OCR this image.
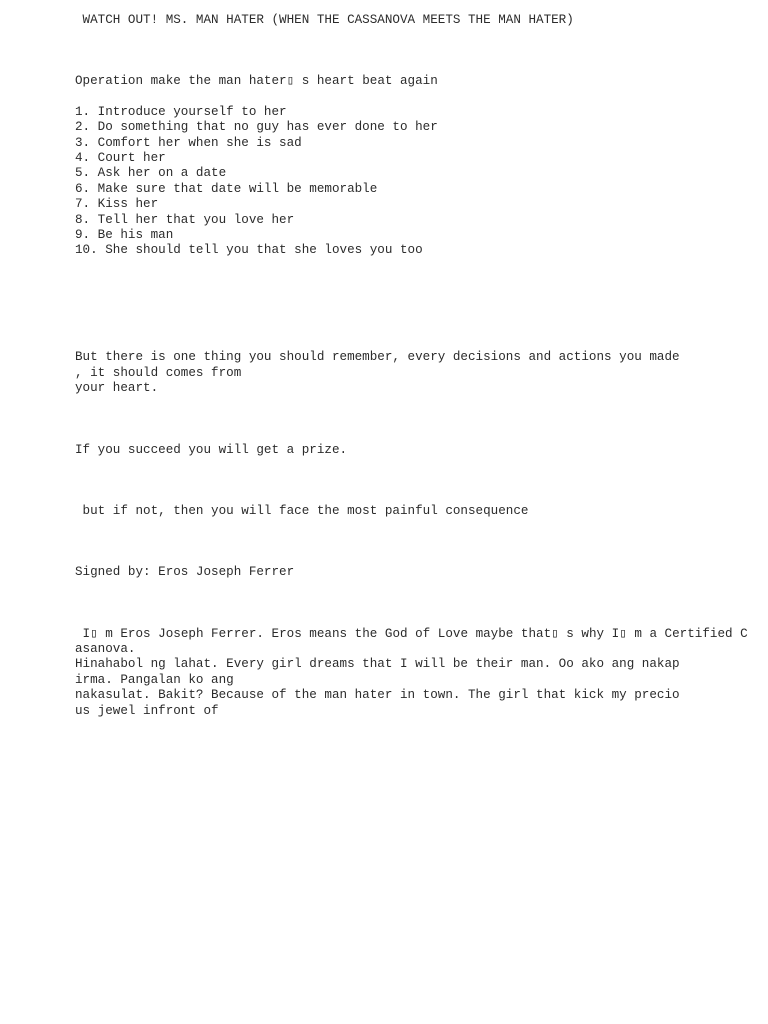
WATCH OUT! MS. MAN HATER (WHEN THE CASSANOVA MEETS THE MAN HATER)

Operation make the man hater▯ s heart beat again

1. Introduce yourself to her

2. Do something that no guy has ever done to her

3. Comfort her when she is sad

4. Court her

5. Ask her on a date

6. Make sure that date will be memorable

7. Kiss her

8. Tell her that you love her

9. Be his man

10. She should tell you that she loves you too

But there is one thing you should remember, every decisions and actions you made

, it should comes from

your heart.

If you succeed you will get a prize.

but if not, then you will face the most painful consequence

Signed by: Eros Joseph Ferrer

I▯ m Eros Joseph Ferrer. Eros means the God of Love maybe that▯ s why I▯ m a Certified C

asanova.

Hinahabol ng lahat. Every girl dreams that I will be their man. Oo ako ang nakap

irma. Pangalan ko ang

nakasulat. Bakit? Because of the man hater in town. The girl that kick my precio

us jewel infront of
